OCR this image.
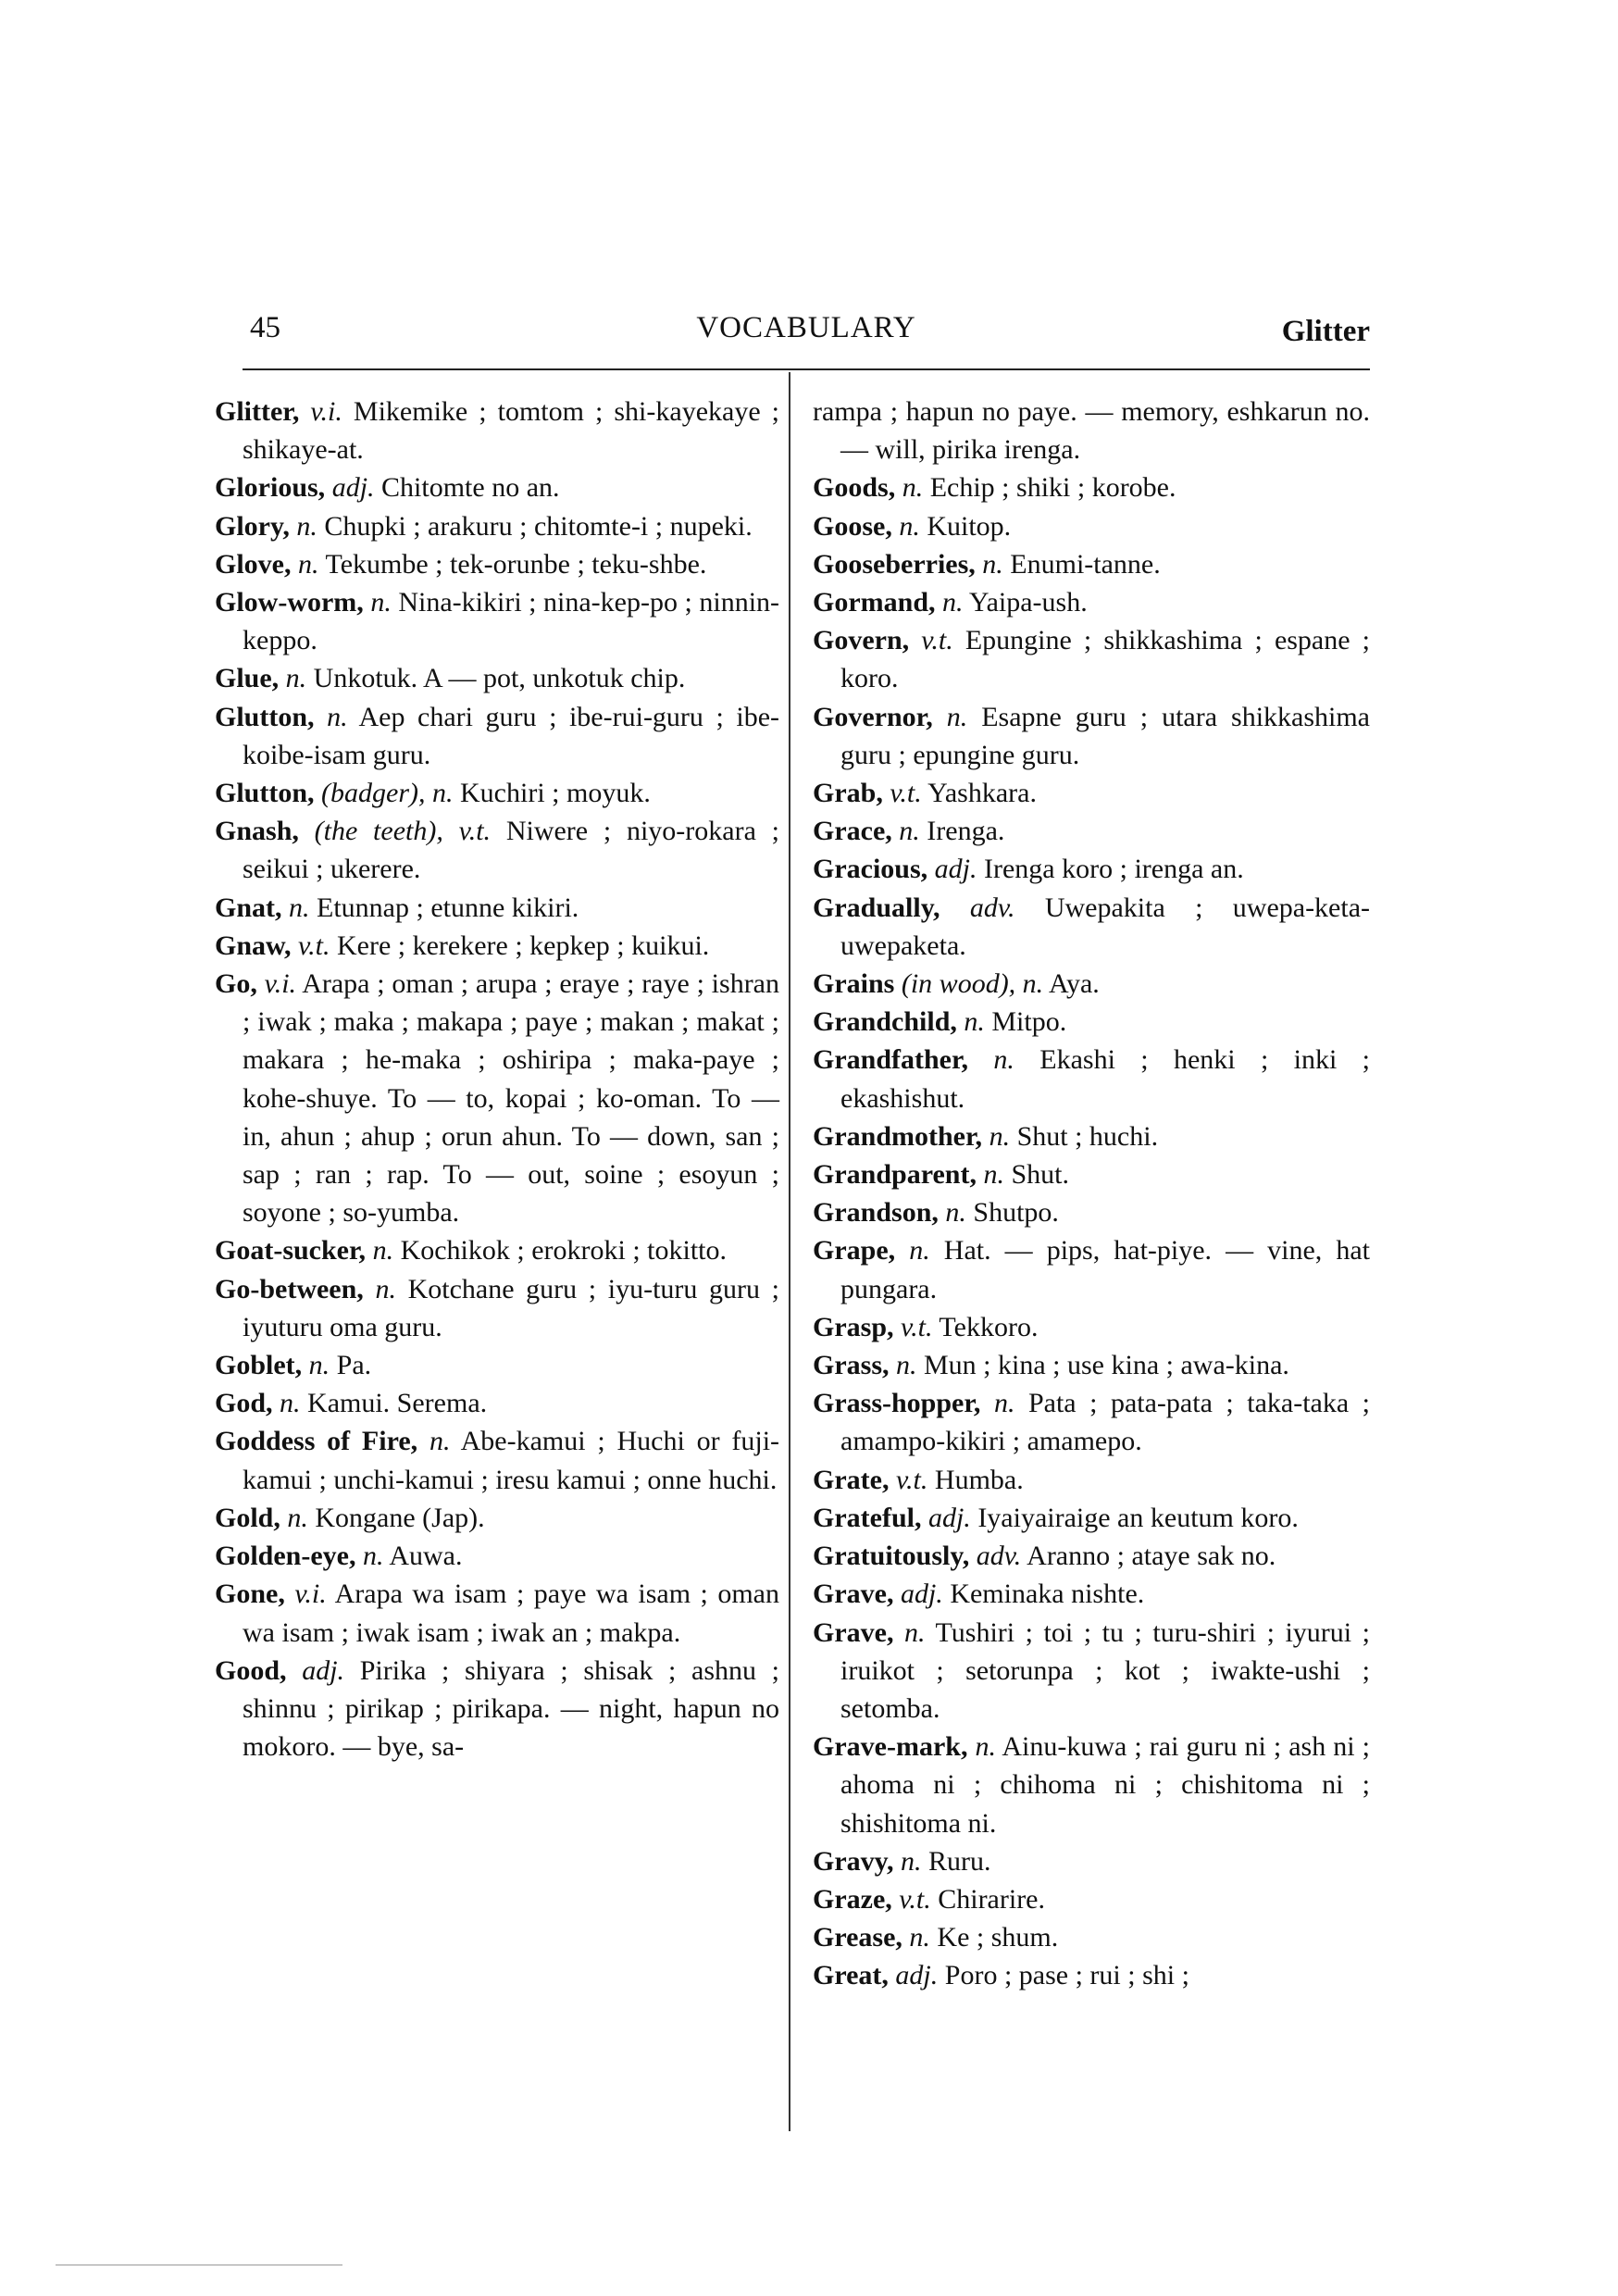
45	VOCABULARY	Glitter
Glitter, v.i. Mikemike ; tomtom ; shi-kayekaye ; shikaye-at.
Glorious, adj. Chitomte no an.
Glory, n. Chupki ; arakuru ; chitomte-i ; nupeki.
Glove, n. Tekumbe ; tek-orunbe ; teku-shbe.
Glow-worm, n. Nina-kikiri ; nina-kep-po ; ninnin-keppo.
Glue, n. Unkotuk. A — pot, unkotuk chip.
Glutton, n. Aep chari guru ; ibe-rui-guru ; ibe-koibe-isam guru.
Glutton, (badger), n. Kuchiri ; moyuk.
Gnash, (the teeth), v.t. Niwere ; niyo-rokara ; seikui ; ukerere.
Gnat, n. Etunnap ; etunne kikiri.
Gnaw, v.t. Kere ; kerekere ; kepkep ; kuikui.
Go, v.i. Arapa ; oman ; arupa ; eraye ; raye ; ishran ; iwak ; maka ; makapa ; paye ; makan ; makat ; makara ; he-maka ; oshiripa ; maka-paye ; kohe-shuye. To — to, kopai ; ko-oman. To — in, ahun ; ahup ; orun ahun. To — down, san ; sap ; ran ; rap. To — out, soine ; esoyun ; soyone ; so-yumba.
Goat-sucker, n. Kochikok ; erokroki ; tokitto.
Go-between, n. Kotchane guru ; iyu-turu guru ; iyuturu oma guru.
Goblet, n. Pa.
God, n. Kamui. Serema.
Goddess of Fire, n. Abe-kamui ; Huchi or fuji-kamui ; unchi-kamui ; iresu kamui ; onne huchi.
Gold, n. Kongane (Jap).
Golden-eye, n. Auwa.
Gone, v.i. Arapa wa isam ; paye wa isam ; oman wa isam ; iwak isam ; iwak an ; makpa.
Good, adj. Pirika ; shiyara ; shisak ; ashnu ; shinnu ; pirikap ; pirikapa. — night, hapun no mokoro. — bye, sa-
rampa ; hapun no paye. — memory, eshkarun no. — will, pirika irenga.
Goods, n. Echip ; shiki ; korobe.
Goose, n. Kuitop.
Gooseberries, n. Enumi-tanne.
Gormand, n. Yaipa-ush.
Govern, v.t. Epungine ; shikkashima ; espane ; koro.
Governor, n. Esapne guru ; utara shikkashima guru ; epungine guru.
Grab, v.t. Yashkara.
Grace, n. Irenga.
Gracious, adj. Irenga koro ; irenga an.
Gradually, adv. Uwepakita ; uwepa-keta-uwepaketa.
Grains (in wood), n. Aya.
Grandchild, n. Mitpo.
Grandfather, n. Ekashi ; henki ; inki ; ekashishut.
Grandmother, n. Shut ; huchi.
Grandparent, n. Shut.
Grandson, n. Shutpo.
Grape, n. Hat. — pips, hat-piye. — vine, hat pungara.
Grasp, v.t. Tekkoro.
Grass, n. Mun ; kina ; use kina ; awa-kina.
Grass-hopper, n. Pata ; pata-pata ; taka-taka ; amampo-kikiri ; amamepo.
Grate, v.t. Humba.
Grateful, adj. Iyaiyairaige an keutum koro.
Gratuitously, adv. Aranno ; ataye sak no.
Grave, adj. Keminaka nishte.
Grave, n. Tushiri ; toi ; tu ; turu-shiri ; iyurui ; iruikot ; setorunpa ; kot ; iwakte-ushi ; setomba.
Grave-mark, n. Ainu-kuwa ; rai guru ni ; ash ni ; ahoma ni ; chihoma ni ; chishitoma ni ; shishitoma ni.
Gravy, n. Ruru.
Graze, v.t. Chirarire.
Grease, n. Ke ; shum.
Great, adj. Poro ; pase ; rui ; shi ;
